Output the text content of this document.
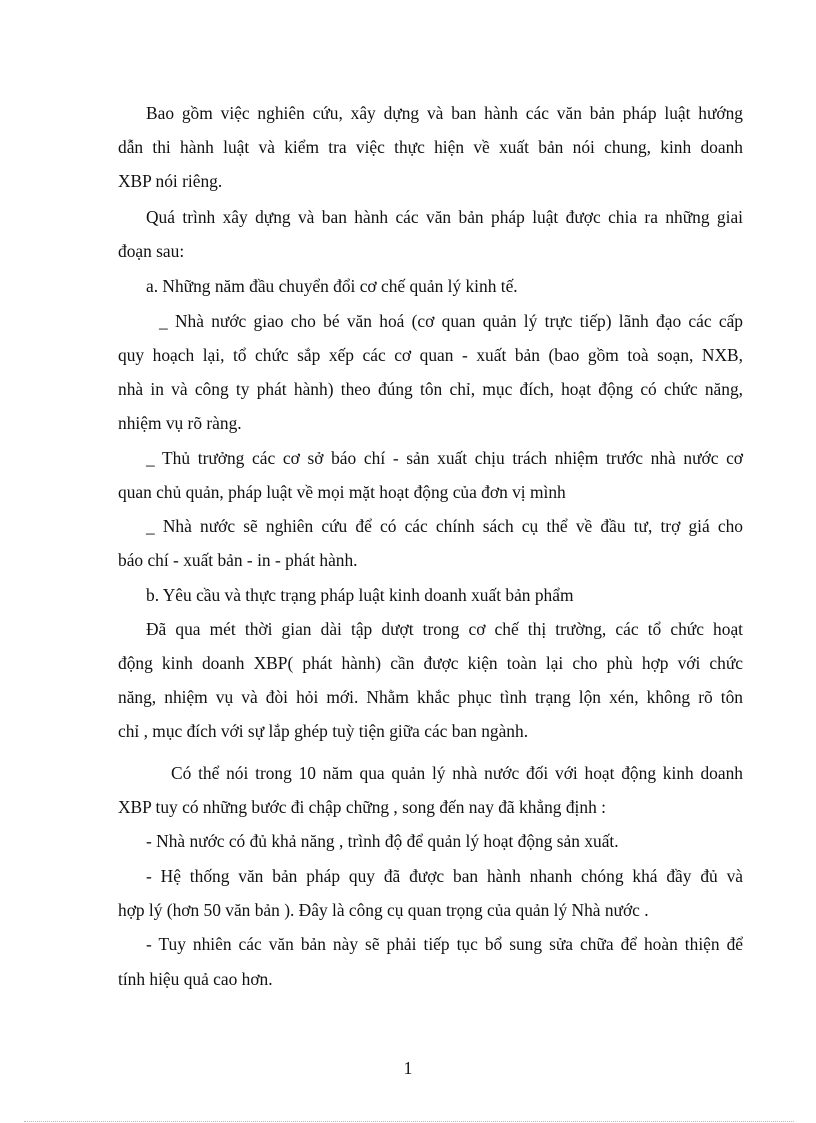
Bao gồm việc nghiên cứu, xây dựng và ban hành các văn bản pháp luật hướng
dẫn thi hành luật và kiểm tra việc thực hiện về xuất bản nói chung, kinh doanh
XBP nói riêng.
Quá trình xây dựng và ban hành các văn bản pháp luật được chia ra những giai
đoạn sau:
a. Những năm đầu chuyển đổi cơ chế quản lý kinh tế.
_ Nhà nước giao cho bé văn hoá (cơ quan quản lý trực tiếp) lãnh đạo các cấp
quy hoạch lại, tổ chức sắp xếp các cơ quan - xuất bản (bao gồm toà soạn, NXB,
nhà in và công ty phát hành) theo đúng tôn chỉ, mục đích, hoạt động có chức năng,
nhiệm vụ rõ ràng.
_ Thủ trưởng các cơ sở báo chí - sản xuất chịu trách nhiệm trước nhà nước cơ
quan chủ quản, pháp luật về mọi mặt hoạt động của đơn vị mình
_ Nhà nước sẽ nghiên cứu để có các chính sách cụ thể về đầu tư, trợ giá cho
báo chí - xuất bản - in - phát hành.
b. Yêu cầu và thực trạng pháp luật kinh doanh xuất bản phẩm
Đã qua mét thời gian dài tập dượt trong cơ chế thị trường, các tổ chức hoạt
động kinh doanh XBP( phát hành) cần được kiện toàn lại cho phù hợp với chức
năng, nhiệm vụ và đòi hỏi mới. Nhằm khắc phục tình trạng lộn xén, không rõ tôn
chỉ , mục đích với sự lắp ghép tuỳ tiện giữa các ban ngành.
Có thể nói trong 10 năm qua quản lý nhà nước đối với hoạt động kinh doanh
XBP tuy có những bước đi chập chững , song đến nay đã khẳng định :
- Nhà nước có đủ khả năng , trình độ để quản lý hoạt động sản xuất.
- Hệ thống văn bản pháp quy đã được ban hành nhanh chóng khá đầy đủ và
hợp lý (hơn 50 văn bản ). Đây là công cụ quan trọng của quản lý Nhà nước .
- Tuy nhiên các văn bản này sẽ phải tiếp tục bổ sung sửa chữa để hoàn thiện để
tính hiệu quả cao hơn.
1
